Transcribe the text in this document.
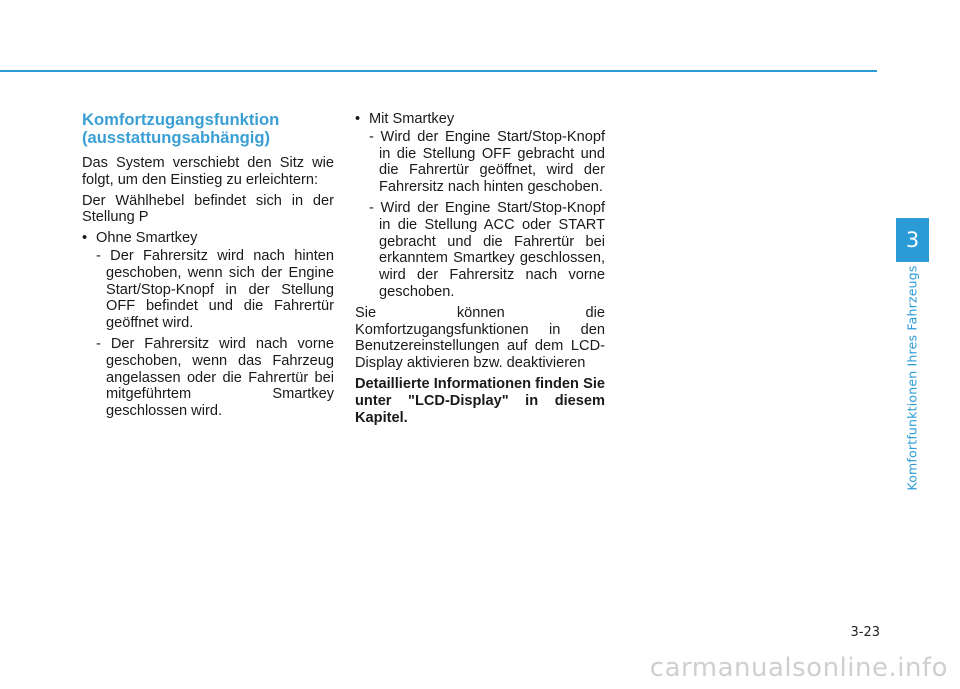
3
Komfortfunktionen Ihres Fahrzeugs
Komfortzugangsfunktion
(ausstattungsabhängig)

Das System verschiebt den Sitz wie folgt, um den Einstieg zu erleichtern:

Der Wählhebel befindet sich in der Stellung P

• Ohne Smartkey
- Der Fahrersitz wird nach hinten geschoben, wenn sich der Engine Start/Stop-Knopf in der Stellung OFF befindet und die Fahrertür geöffnet wird.
- Der Fahrersitz wird nach vorne geschoben, wenn das Fahrzeug angelassen oder die Fahrertür bei mitgeführtem Smartkey geschlossen wird.
• Mit Smartkey
- Wird der Engine Start/Stop-Knopf in die Stellung OFF gebracht und die Fahrertür geöffnet, wird der Fahrersitz nach hinten geschoben.
- Wird der Engine Start/Stop-Knopf in die Stellung ACC oder START gebracht und die Fahrertür bei erkanntem Smartkey geschlossen, wird der Fahrersitz nach vorne geschoben.

Sie können die Komfortzugangsfunktionen in den Benutzereinstellungen auf dem LCD-Display aktivieren bzw. deaktivieren

Detaillierte Informationen finden Sie unter "LCD-Display" in diesem Kapitel.

3-23
carmanualsonline.info
